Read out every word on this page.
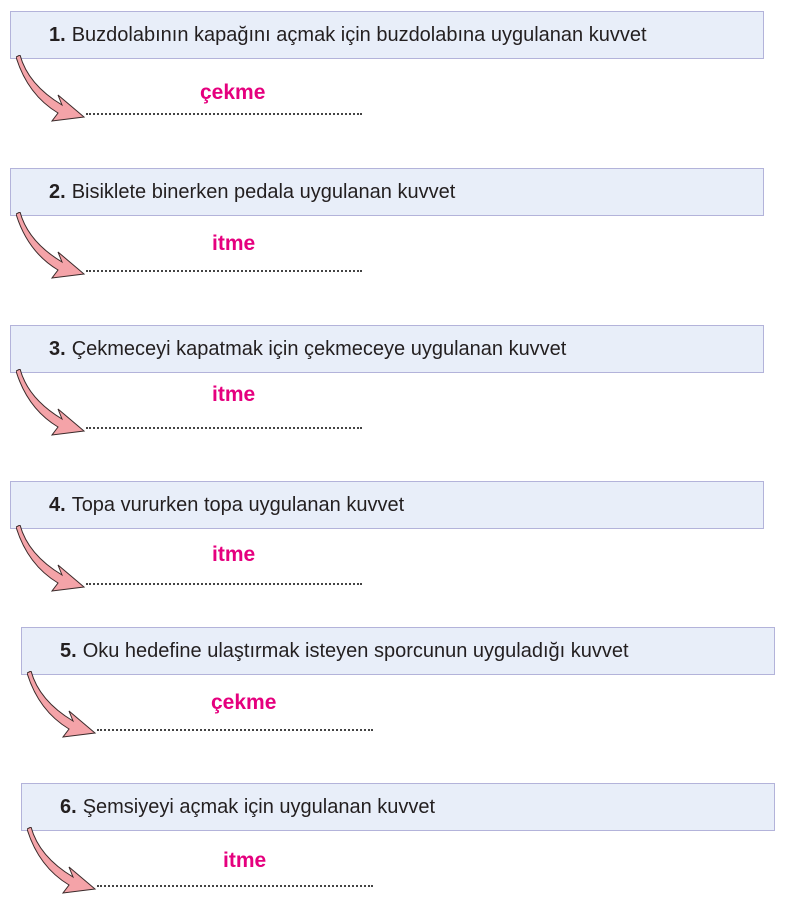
1. Buzdolabının kapağını açmak için buzdolabına uygulanan kuvvet
çekme
2. Bisiklete binerken pedala uygulanan kuvvet
itme
3. Çekmeceyi kapatmak için çekmeceye uygulanan kuvvet
itme
4. Topa vururken topa uygulanan kuvvet
itme
5. Oku hedefine ulaştırmak isteyen sporcunun uyguladığı kuvvet
çekme
6. Şemsiyeyi açmak için uygulanan kuvvet
itme
